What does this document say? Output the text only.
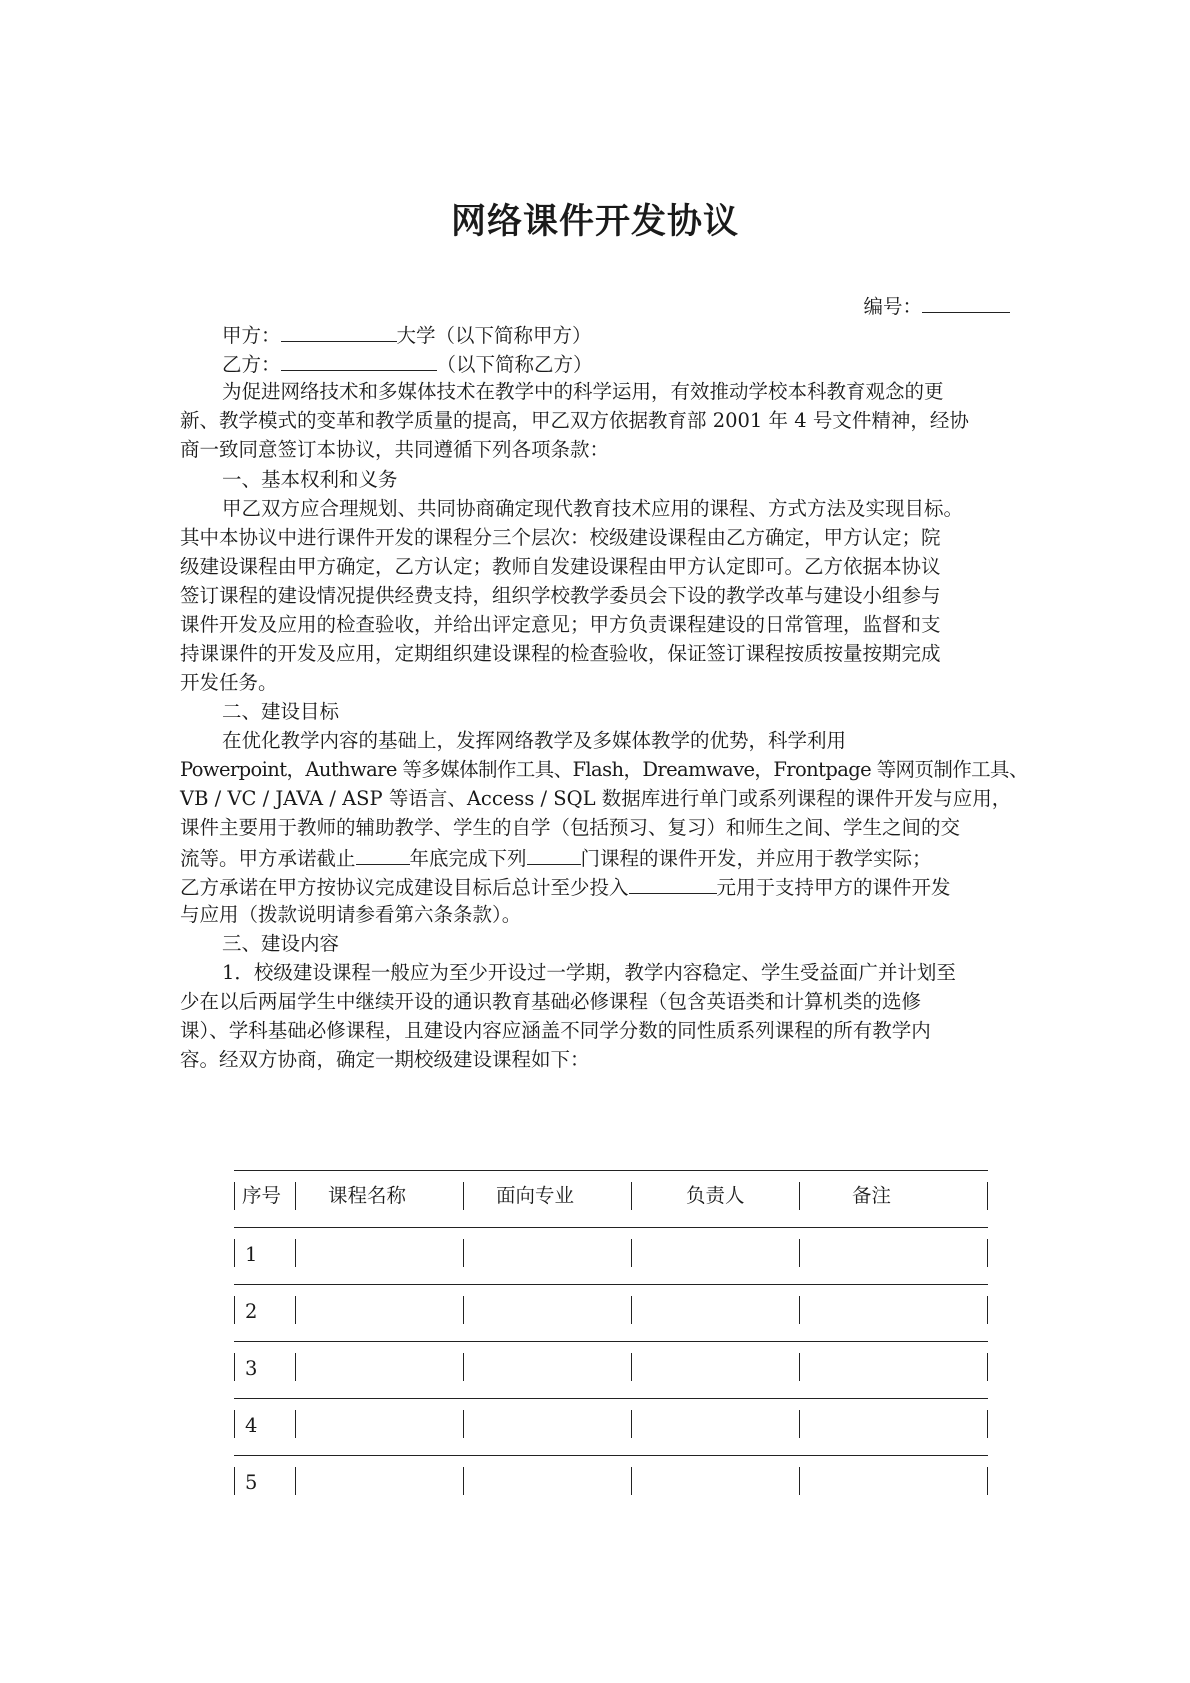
网络课件开发协议
编号：
甲方：	大学（以下简称甲方）
乙方：	（以下简称乙方）
为促进网络技术和多媒体技术在教学中的科学运用，有效推动学校本科教育观念的更
新、教学模式的变革和教学质量的提高，甲乙双方依据教育部 2001 年 4 号文件精神，经协
商一致同意签订本协议，共同遵循下列各项条款：
一、基本权利和义务
甲乙双方应合理规划、共同协商确定现代教育技术应用的课程、方式方法及实现目标。
其中本协议中进行课件开发的课程分三个层次：校级建设课程由乙方确定，甲方认定；院
级建设课程由甲方确定，乙方认定；教师自发建设课程由甲方认定即可。乙方依据本协议
签订课程的建设情况提供经费支持，组织学校教学委员会下设的教学改革与建设小组参与
课件开发及应用的检查验收，并给出评定意见；甲方负责课程建设的日常管理，监督和支
持课课件的开发及应用，定期组织建设课程的检查验收，保证签订课程按质按量按期完成
开发任务。
二、建设目标
在优化教学内容的基础上，发挥网络教学及多媒体教学的优势，科学利用
Powerpoint，Authware 等多媒体制作工具、Flash，Dreamwave，Frontpage 等网页制作工具、
VB / VC / JAVA / ASP 等语言、Access / SQL 数据库进行单门或系列课程的课件开发与应用，
课件主要用于教师的辅助教学、学生的自学（包括预习、复习）和师生之间、学生之间的交
流等。甲方承诺截止	年底完成下列	门课程的课件开发，并应用于教学实际；
乙方承诺在甲方按协议完成建设目标后总计至少投入	元用于支持甲方的课件开发
与应用（拨款说明请参看第六条条款）。
三、建设内容
1．校级建设课程一般应为至少开设过一学期，教学内容稳定、学生受益面广并计划至
少在以后两届学生中继续开设的通识教育基础必修课程（包含英语类和计算机类的选修
课）、学科基础必修课程，且建设内容应涵盖不同学分数的同性质系列课程的所有教学内
容。经双方协商，确定一期校级建设课程如下：
序号 课程名称	面向专业	负责人	备注
1
2
3
4
5
